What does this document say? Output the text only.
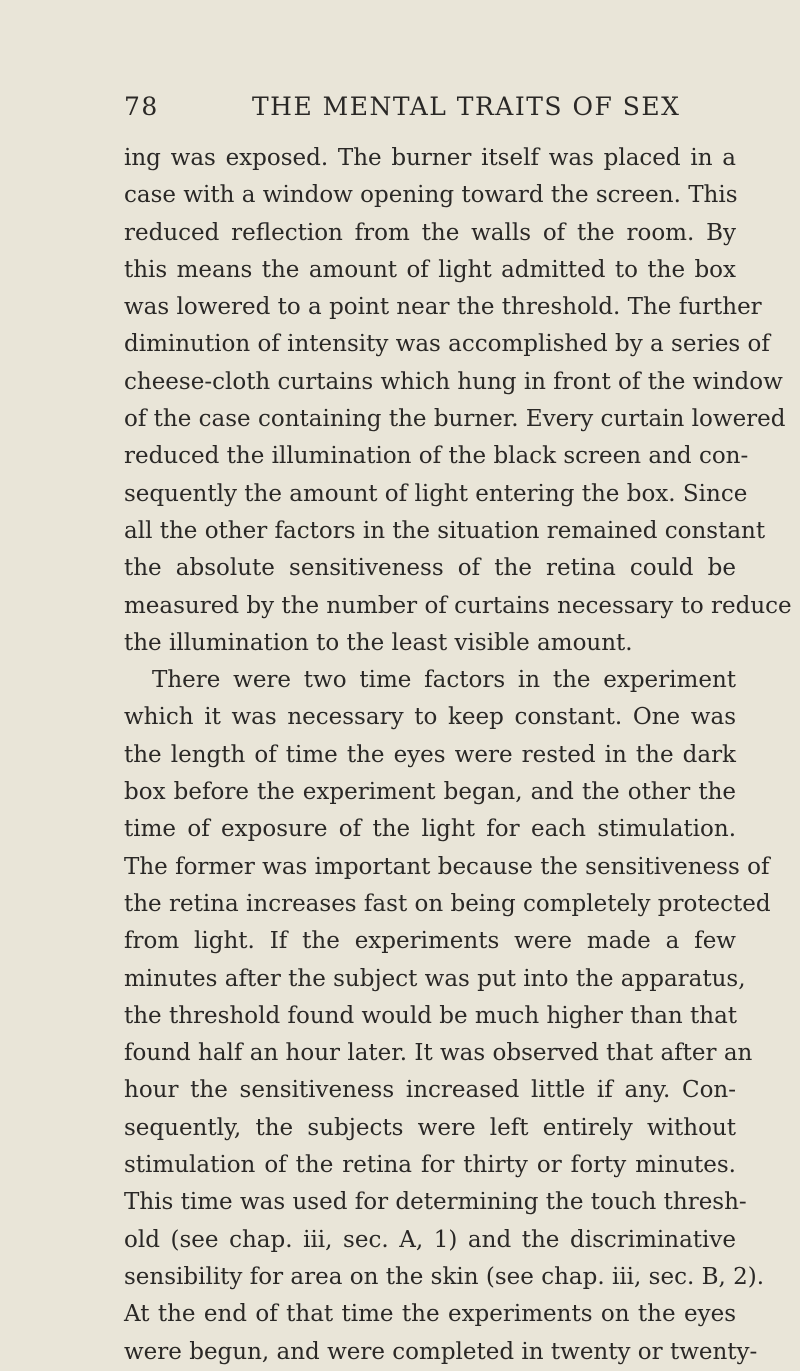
78	THE MENTAL TRAITS OF SEX
ing was exposed. The burner itself was placed in a
case with a window opening toward the screen. This
reduced reflection from the walls of the room. By
this means the amount of light admitted to the box
was lowered to a point near the threshold. The further
diminution of intensity was accomplished by a series of
cheese-cloth curtains which hung in front of the window
of the case containing the burner. Every curtain lowered
reduced the illumination of the black screen and con-
sequently the amount of light entering the box. Since
all the other factors in the situation remained constant
the absolute sensitiveness of the retina could be
measured by the number of curtains necessary to reduce
the illumination to the least visible amount.
There were two time factors in the experiment
which it was necessary to keep constant. One was
the length of time the eyes were rested in the dark
box before the experiment began, and the other the
time of exposure of the light for each stimulation.
The former was important because the sensitiveness of
the retina increases fast on being completely protected
from light. If the experiments were made a few
minutes after the subject was put into the apparatus,
the threshold found would be much higher than that
found half an hour later. It was observed that after an
hour the sensitiveness increased little if any. Con-
sequently, the subjects were left entirely without
stimulation of the retina for thirty or forty minutes.
This time was used for determining the touch thresh-
old (see chap. iii, sec. A, 1) and the discriminative
sensibility for area on the skin (see chap. iii, sec. B, 2).
At the end of that time the experiments on the eyes
were begun, and were completed in twenty or twenty-
